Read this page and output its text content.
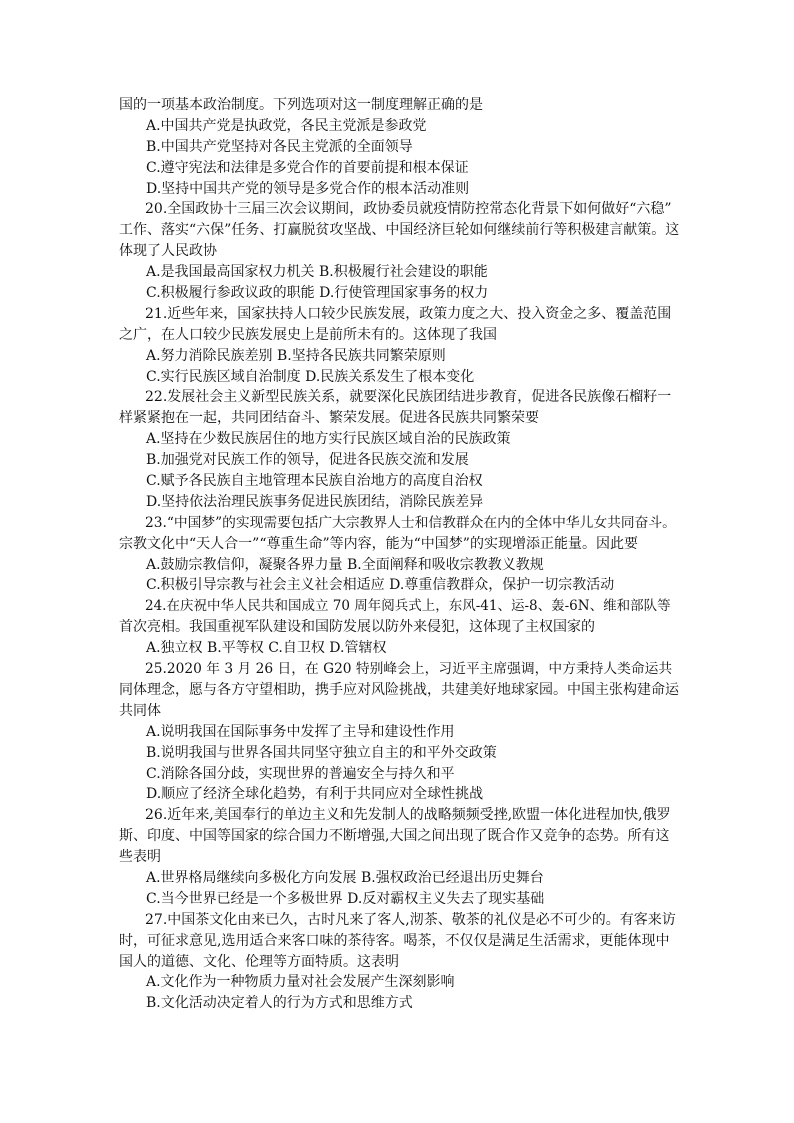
国的一项基本政治制度。下列选项对这一制度理解正确的是
A.中国共产党是执政党，各民主党派是参政党
B.中国共产党坚持对各民主党派的全面领导
C.遵守宪法和法律是多党合作的首要前提和根本保证
D.坚持中国共产党的领导是多党合作的根本活动准则
20.全国政协十三届三次会议期间，政协委员就疫情防控常态化背景下如何做好“六稳”
工作、落实“六保”任务、打赢脱贫攻坚战、中国经济巨轮如何继续前行等积极建言献策。这
体现了人民政协
A.是我国最高国家权力机关 B.积极履行社会建设的职能
C.积极履行参政议政的职能 D.行使管理国家事务的权力
21.近些年来，国家扶持人口较少民族发展，政策力度之大、投入资金之多、覆盖范围
之广，在人口较少民族发展史上是前所未有的。这体现了我国
A.努力消除民族差别 B.坚持各民族共同繁荣原则
C.实行民族区域自治制度 D.民族关系发生了根本变化
22.发展社会主义新型民族关系，就要深化民族团结进步教育，促进各民族像石榴籽一
样紧紧抱在一起，共同团结奋斗、繁荣发展。促进各民族共同繁荣要
A.坚持在少数民族居住的地方实行民族区域自治的民族政策
B.加强党对民族工作的领导，促进各民族交流和发展
C.赋予各民族自主地管理本民族自治地方的高度自治权
D.坚持依法治理民族事务促进民族团结，消除民族差异
23.“中国梦”的实现需要包括广大宗教界人士和信教群众在内的全体中华儿女共同奋斗。
宗教文化中“天人合一”“尊重生命”等内容，能为“中国梦”的实现增添正能量。因此要
A.鼓励宗教信仰，凝聚各界力量 B.全面阐释和吸收宗教教义教规
C.积极引导宗教与社会主义社会相适应 D.尊重信教群众，保护一切宗教活动
24.在庆祝中华人民共和国成立 70 周年阅兵式上，东风-41、运-8、轰-6N、维和部队等
首次亮相。我国重视军队建设和国防发展以防外来侵犯，这体现了主权国家的
A.独立权 B.平等权 C.自卫权 D.管辖权
25.2020 年 3 月 26 日，在 G20 特别峰会上，习近平主席强调，中方秉持人类命运共
同体理念，愿与各方守望相助，携手应对风险挑战，共建美好地球家园。中国主张构建命运
共同体
A.说明我国在国际事务中发挥了主导和建设性作用
B.说明我国与世界各国共同坚守独立自主的和平外交政策
C.消除各国分歧，实现世界的普遍安全与持久和平
D.顺应了经济全球化趋势，有利于共同应对全球性挑战
26.近年来,美国奉行的单边主义和先发制人的战略频频受挫,欧盟一体化进程加快,俄罗
斯、印度、中国等国家的综合国力不断增强,大国之间出现了既合作又竞争的态势。所有这
些表明
A.世界格局继续向多极化方向发展 B.强权政治已经退出历史舞台
C.当今世界已经是一个多极世界 D.反对霸权主义失去了现实基础
27.中国茶文化由来已久，古时凡来了客人,沏茶、敬茶的礼仪是必不可少的。有客来访
时，可征求意见,选用适合来客口味的茶待客。喝茶，不仅仅是满足生活需求，更能体现中
国人的道德、文化、伦理等方面特质。这表明
A.文化作为一种物质力量对社会发展产生深刻影响
B.文化活动决定着人的行为方式和思维方式
